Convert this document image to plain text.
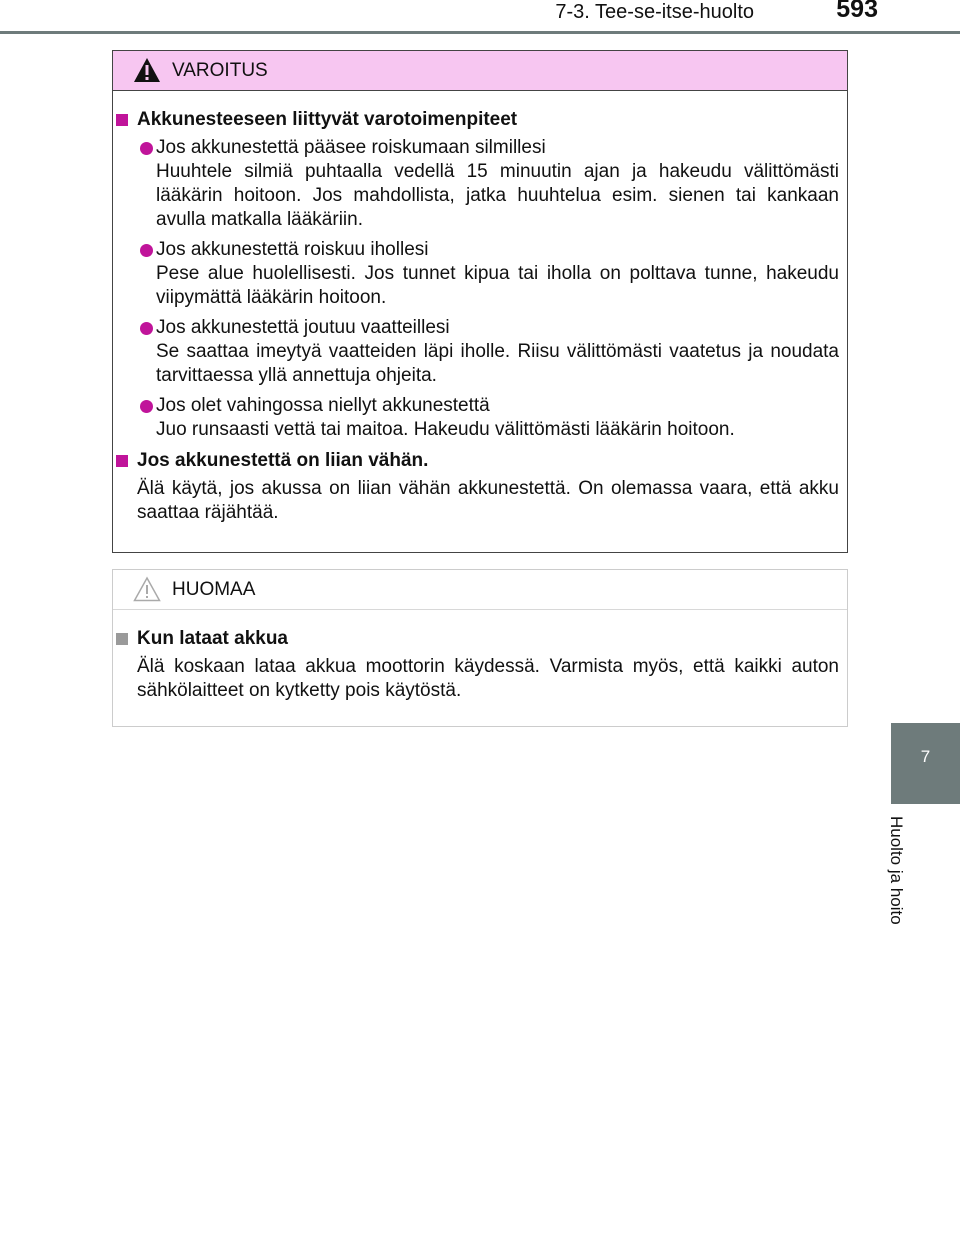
7-3. Tee-se-itse-huolto	593
7
Huolto ja hoito
VAROITUS
Akkunesteeseen liittyvät varotoimenpiteet
Jos akkunestettä pääsee roiskumaan silmillesi
Huuhtele silmiä puhtaalla vedellä 15 minuutin ajan ja hakeudu välittömästi lääkärin hoitoon. Jos mahdollista, jatka huuhtelua esim. sienen tai kankaan avulla matkalla lääkäriin.
Jos akkunestettä roiskuu ihollesi
Pese alue huolellisesti. Jos tunnet kipua tai iholla on polttava tunne, hakeudu viipymättä lääkärin hoitoon.
Jos akkunestettä joutuu vaatteillesi
Se saattaa imeytyä vaatteiden läpi iholle. Riisu välittömästi vaatetus ja noudata tarvittaessa yllä annettuja ohjeita.
Jos olet vahingossa niellyt akkunestettä
Juo runsaasti vettä tai maitoa. Hakeudu välittömästi lääkärin hoitoon.
Jos akkunestettä on liian vähän.
Älä käytä, jos akussa on liian vähän akkunestettä. On olemassa vaara, että akku saattaa räjähtää.
HUOMAA
Kun lataat akkua
Älä koskaan lataa akkua moottorin käydessä. Varmista myös, että kaikki auton sähkölaitteet on kytketty pois käytöstä.
